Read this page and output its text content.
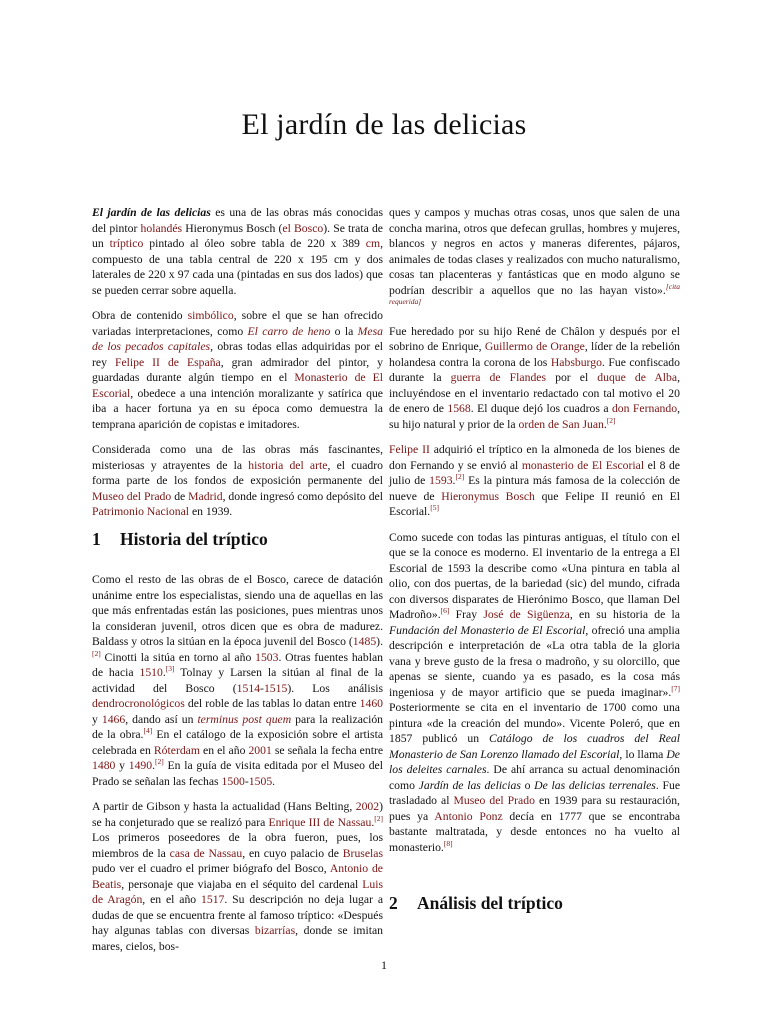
El jardín de las delicias

El jardín de las delicias es una de las obras más conocidas del pintor holandés Hieronymus Bosch (el Bosco). Se trata de un tríptico pintado al óleo sobre tabla de 220 x 389 cm, compuesto de una tabla central de 220 x 195 cm y dos laterales de 220 x 97 cada una (pintadas en sus dos lados) que se pueden cerrar sobre aquella.

Obra de contenido simbólico, sobre el que se han ofrecido variadas interpretaciones, como El carro de heno o la Mesa de los pecados capitales, obras todas ellas adquiridas por el rey Felipe II de España, gran admirador del pintor, y guardadas durante algún tiempo en el Monasterio de El Escorial, obedece a una intención moralizante y satírica que iba a hacer fortuna ya en su época como demuestra la temprana aparición de copistas e imitadores.

Considerada como una de las obras más fascinantes, misteriosas y atrayentes de la historia del arte, el cuadro forma parte de los fondos de exposición permanente del Museo del Prado de Madrid, donde ingresó como depósito del Patrimonio Nacional en 1939.

1 Historia del tríptico

Como el resto de las obras de el Bosco, carece de datación unánime entre los especialistas, siendo una de aquellas en las que más enfrentadas están las posiciones, pues mientras unos la consideran juvenil, otros dicen que es obra de madurez. Baldass y otros la sitúan en la época juvenil del Bosco (1485).[2] Cinotti la sitúa en torno al año 1503. Otras fuentes hablan de hacia 1510.[3] Tolnay y Larsen la sitúan al final de la actividad del Bosco (1514-1515). Los análisis dendrocronológicos del roble de las tablas lo datan entre 1460 y 1466, dando así un terminus post quem para la realización de la obra.[4] En el catálogo de la exposición sobre el artista celebrada en Róterdam en el año 2001 se señala la fecha entre 1480 y 1490.[2] En la guía de visita editada por el Museo del Prado se señalan las fechas 1500-1505.

A partir de Gibson y hasta la actualidad (Hans Belting, 2002) se ha conjeturado que se realizó para Enrique III de Nassau.[2] Los primeros poseedores de la obra fueron, pues, los miembros de la casa de Nassau, en cuyo palacio de Bruselas pudo ver el cuadro el primer biógrafo del Bosco, Antonio de Beatis, personaje que viajaba en el séquito del cardenal Luis de Aragón, en el año 1517. Su descripción no deja lugar a dudas de que se encuentra frente al famoso tríptico: «Después hay algunas tablas con diversas bizarrías, donde se imitan mares, cielos, bos-

ques y campos y muchas otras cosas, unos que salen de una concha marina, otros que defecan grullas, hombres y mujeres, blancos y negros en actos y maneras diferentes, pájaros, animales de todas clases y realizados con mucho naturalismo, cosas tan placenteras y fantásticas que en modo alguno se podrían describir a aquellos que no las hayan visto».[cita requerida]

Fue heredado por su hijo René de Châlon y después por el sobrino de Enrique, Guillermo de Orange, líder de la rebelión holandesa contra la corona de los Habsburgo. Fue confiscado durante la guerra de Flandes por el duque de Alba, incluyéndose en el inventario redactado con tal motivo el 20 de enero de 1568. El duque dejó los cuadros a don Fernando, su hijo natural y prior de la orden de San Juan.[2]

Felipe II adquirió el tríptico en la almoneda de los bienes de don Fernando y se envió al monasterio de El Escorial el 8 de julio de 1593.[2] Es la pintura más famosa de la colección de nueve de Hieronymus Bosch que Felipe II reunió en El Escorial.[5]

Como sucede con todas las pinturas antiguas, el título con el que se la conoce es moderno. El inventario de la entrega a El Escorial de 1593 la describe como «Una pintura en tabla al olio, con dos puertas, de la bariedad (sic) del mundo, cifrada con diversos disparates de Hierónimo Bosco, que llaman Del Madroño».[6] Fray José de Sigüenza, en su historia de la Fundación del Monasterio de El Escorial, ofreció una amplia descripción e interpretación de «La otra tabla de la gloria vana y breve gusto de la fresa o madroño, y su olorcillo, que apenas se siente, cuando ya es pasado, es la cosa más ingeniosa y de mayor artificio que se pueda imaginar».[7] Posteriormente se cita en el inventario de 1700 como una pintura «de la creación del mundo». Vicente Poleró, que en 1857 publicó un Catálogo de los cuadros del Real Monasterio de San Lorenzo llamado del Escorial, lo llama De los deleites carnales. De ahí arranca su actual denominación como Jardín de las delicias o De las delicias terrenales. Fue trasladado al Museo del Prado en 1939 para su restauración, pues ya Antonio Ponz decía en 1777 que se encontraba bastante maltratada, y desde entonces no ha vuelto al monasterio.[8]

2 Análisis del tríptico
1
